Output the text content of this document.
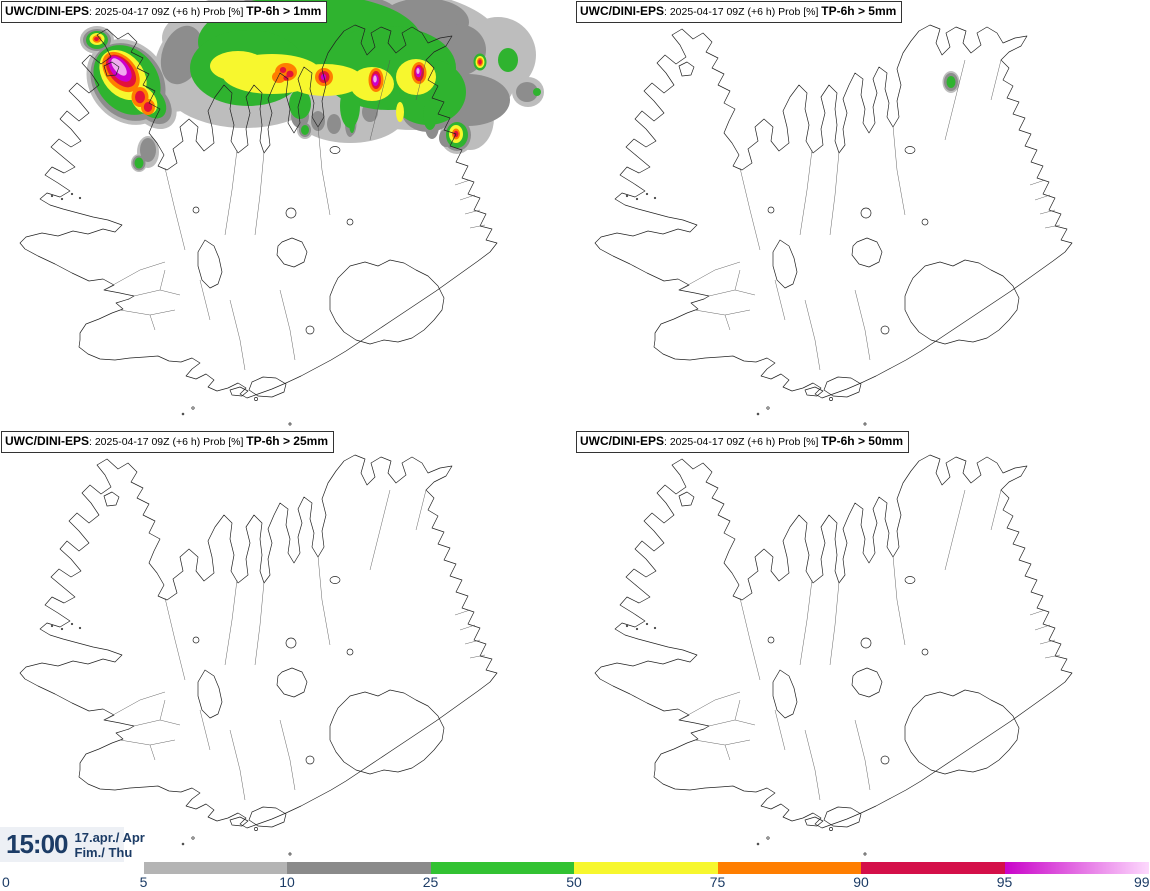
UWC/DINI-EPS: 2025-04-17 09Z (+6 h) Prob [%] TP-6h > 1mm	UWC/DINI-EPS: 2025-04-17 09Z (+6 h) Prob [%] TP-6h > 5mm
UWC/DINI-EPS: 2025-04-17 09Z (+6 h) Prob [%] TP-6h > 25mm	UWC/DINI-EPS: 2025-04-17 09Z (+6 h) Prob [%] TP-6h > 50mm
15:00 17.apr./ Apr
Fim./ Thu
0	5	10	25	50	75	90	95	99
